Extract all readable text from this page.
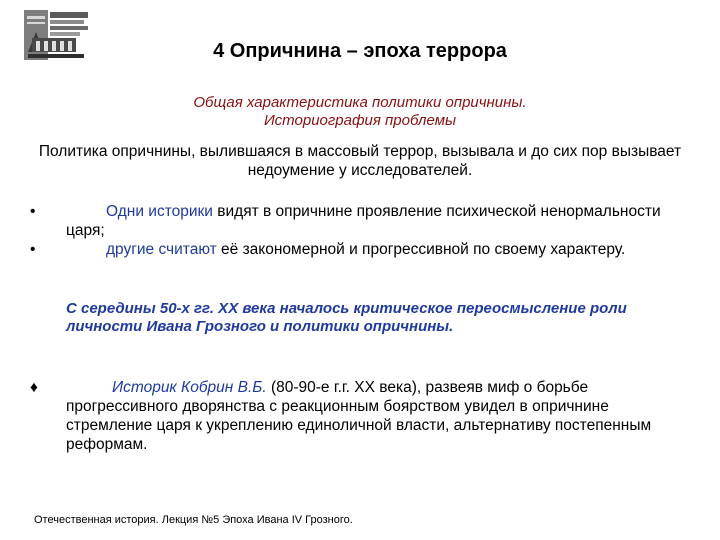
4 Опричнина – эпоха террора
Общая характеристика политики опричнины.
Историография проблемы
Политика опричнины, вылившаяся в массовый террор, вызывала и до сих пор вызывает недоумение у исследователей.
•	Одни историки видят в опричнине проявление психической ненормальности царя;
•	другие считают её закономерной и прогрессивной по своему характеру.
С середины 50-х гг. XX века началось критическое переосмысление роли личности Ивана Грозного и политики опричнины.
♦	Историк Кобрин В.Б. (80-90-е г.г. XX века), развеяв миф о борьбе прогрессивного дворянства с реакционным боярством увидел в опричнине стремление царя к укреплению единоличной власти, альтернативу постепенным реформам.
Отечественная история. Лекция №5 Эпоха Ивана IV Грозного.
